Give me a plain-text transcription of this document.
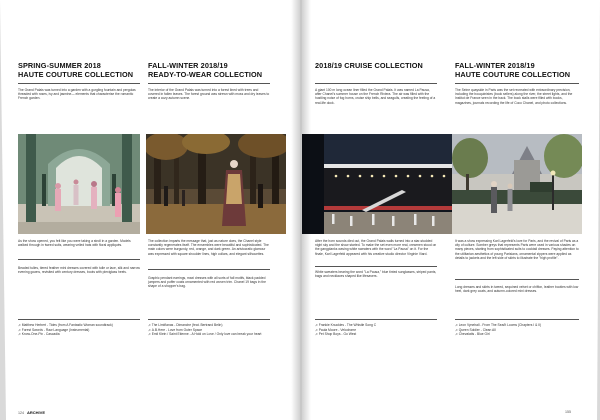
SPRING-SUMMER 2018
HAUTE COUTURE COLLECTION
The Grand Palais was turned into a garden with a gurgling fountain and pergolas threaded with roses, ivy and jasmine— elements that characterise the romantic French garden.
As the show opened, you felt like you were taking a stroll in a garden. Models walked through in tweed suits, wearing veiled hats with floral appliqués.
Beaded tulles, tiered feather mini dresses covered with tulle or lace, silk and narrow evening gowns, revisited with century dresses, boots with plexiglass heels.
♫ Matthew Herbert - Tides (from A Fantastic Woman soundtrack)
♫ Forest Swords - Raw Language (Instrumental)
♫ Know-One-Pix - Cascadia
FALL-WINTER 2018/19
READY-TO-WEAR COLLECTION
The interior of the Grand Palais was turned into a forest lined with trees and covered in fallen leaves. The forest ground was strewn with moss and dry leaves to create a cozy autumn scene.
The collection imparts the message that, just as nature does, the Chanel style constantly regenerates itself. The ensembles were beautiful and sophisticated. The main colors were burgundy, red, orange, and dark green. An aristocratic glamour was expressed with square shoulder lines, high collars, and elegant silhouettes.
Graphic pendant earrings, maxi dresses with all sorts of fall motifs, black padded jumpers and puffer coats ornamented with red woven trim. Chanel 19 bags in the shape of a shopper's bag.
♫ The Limiñanas - Dimanche (feat. Bertrand Belin)
♫ A.B.Here - Love from Outer Space
♫ Emil Klein / Saint Etienne - A Hold on Love / Only love can break your heart
2018/19 CRUISE COLLECTION
A giant 100 m long ocean liner filled the Grand Palais. It was named La Pausa, after Chanel's summer house on the French Riviera. The air was filled with the hustling noise of fog horns, cruise ship bells, and seagulls, creating the feeling of a real-life dock.
After the horn sounds died out, the Grand Palais walls turned into a star-studded night sky and the show started. To make the set even more real, crewmen stood on the gangplanks waving white sweaters with the word "La Pausa" on it. For the finale, Karl Lagerfeld appeared with his creative studio director Virginie Viard.
White sweaters bearing the word "La Pausa," blue tinted sunglasses, striped pants, bags and necklaces shaped like lifesavers.
♫ Frankie Knuckles - The Whistle Song C
♫ Paula Moore - Velodrome
♫ Pet Shop Boys - Go West
FALL-WINTER 2018/19
HAUTE COUTURE COLLECTION
The Seine quayside in Paris was the set recreated with extraordinary precision, including the bouquinistes (book sellers) along the river, the street lights, and the Institut de France seen in the back. The book stalls were filled with books, magazines, journals recording the life of Coco Chanel, and photo collections.
It was a show expressing Karl Lagerfeld's love for Paris, and the revival of Paris as a city of culture. Somber greys that represents Paris were used in various shades on many pieces, starting from sophisticated suits to cocktail dresses. Paying attention to the utilitarian aesthetics of young Parisians, ornamental zippers were applied as details to jackets and the left side of skirts to illustrate the "high profile".
Long dresses and skirts in tweed, sequined velvet or chiffon, leather booties with low heel, dark grey coats, and autumn-colored mini dresses.
♫ Leon Vynehall - From The Sea/It Looms (Chapters I & II)
♫ Queen Soldier - Clean All
♫ Chevalatis - Blue Girl
124 ARCHIVE	155
